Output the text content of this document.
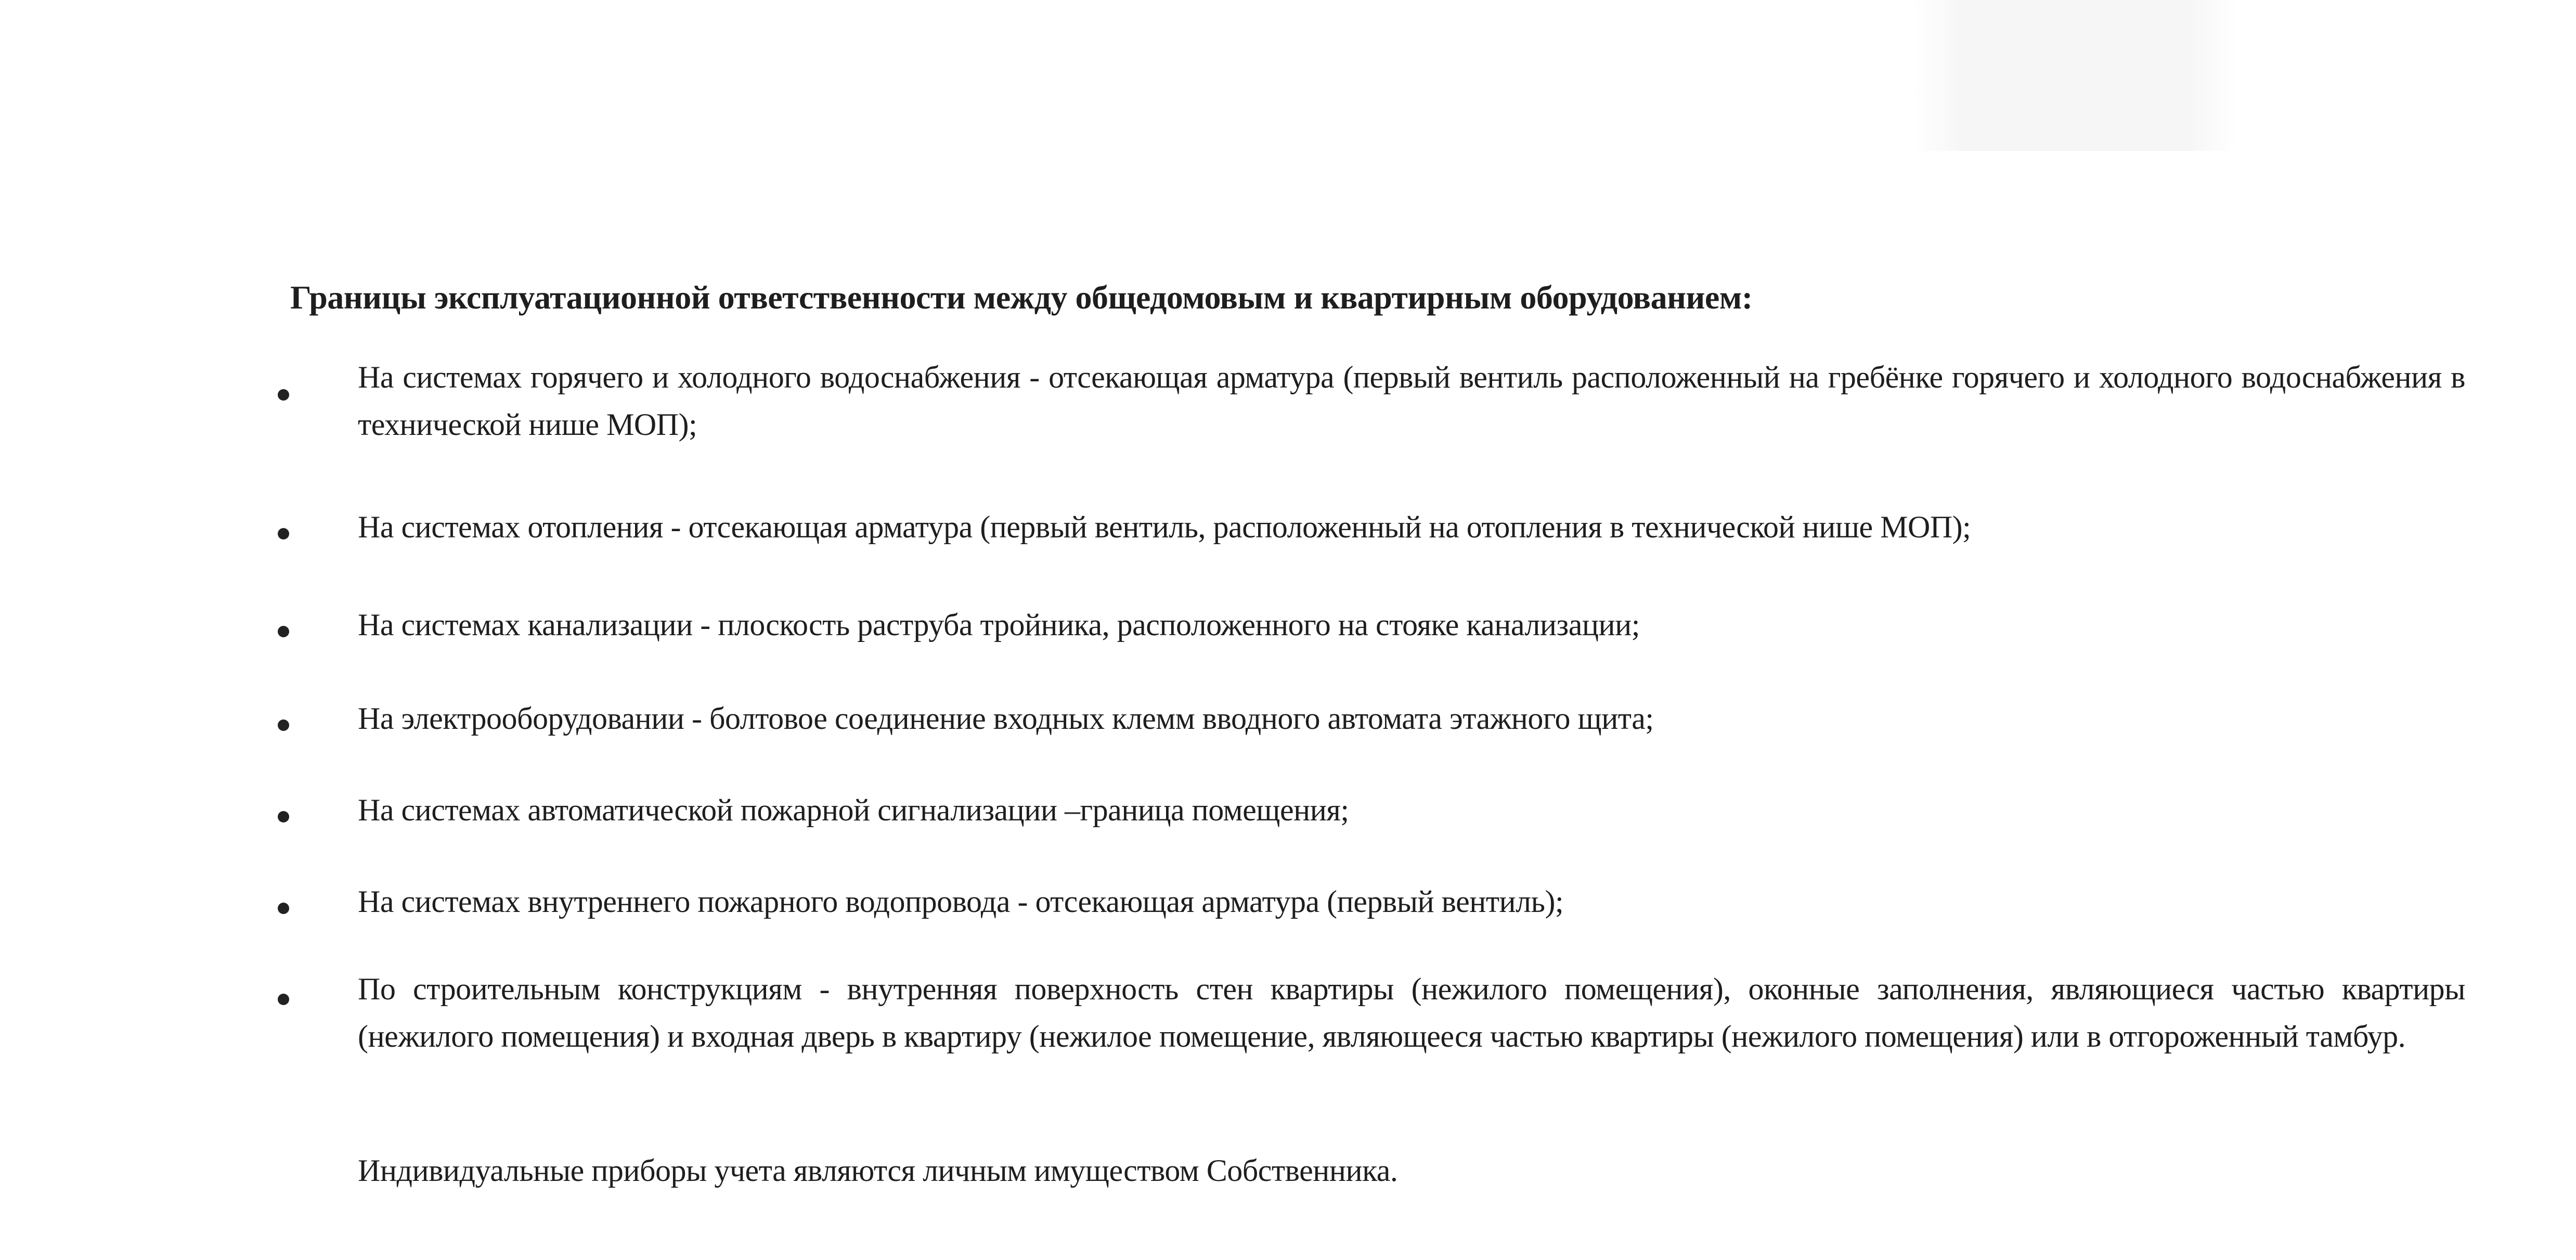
Границы эксплуатационной ответственности между общедомовым и квартирным оборудованием:

На системах горячего и холодного водоснабжения - отсекающая арматура (первый вентиль расположенный на гребёнке горячего и холодного водоснабжения в технической нише МОП);

На системах отопления - отсекающая арматура (первый вентиль, расположенный на отопления в технической нише МОП);

На системах канализации - плоскость раструба тройника, расположенного на стояке канализации;

На электрооборудовании - болтовое соединение входных клемм вводного автомата этажного щита;

На системах автоматической пожарной сигнализации –граница помещения;

На системах внутреннего пожарного водопровода - отсекающая арматура (первый вентиль);

По строительным конструкциям - внутренняя поверхность стен квартиры (нежилого помещения), оконные заполнения, являющиеся частью квартиры (нежилого помещения) и входная дверь в квартиру (нежилое помещение, являющееся частью квартиры (нежилого помещения) или в отгороженный тамбур.

Индивидуальные приборы учета являются личным имуществом Собственника.
